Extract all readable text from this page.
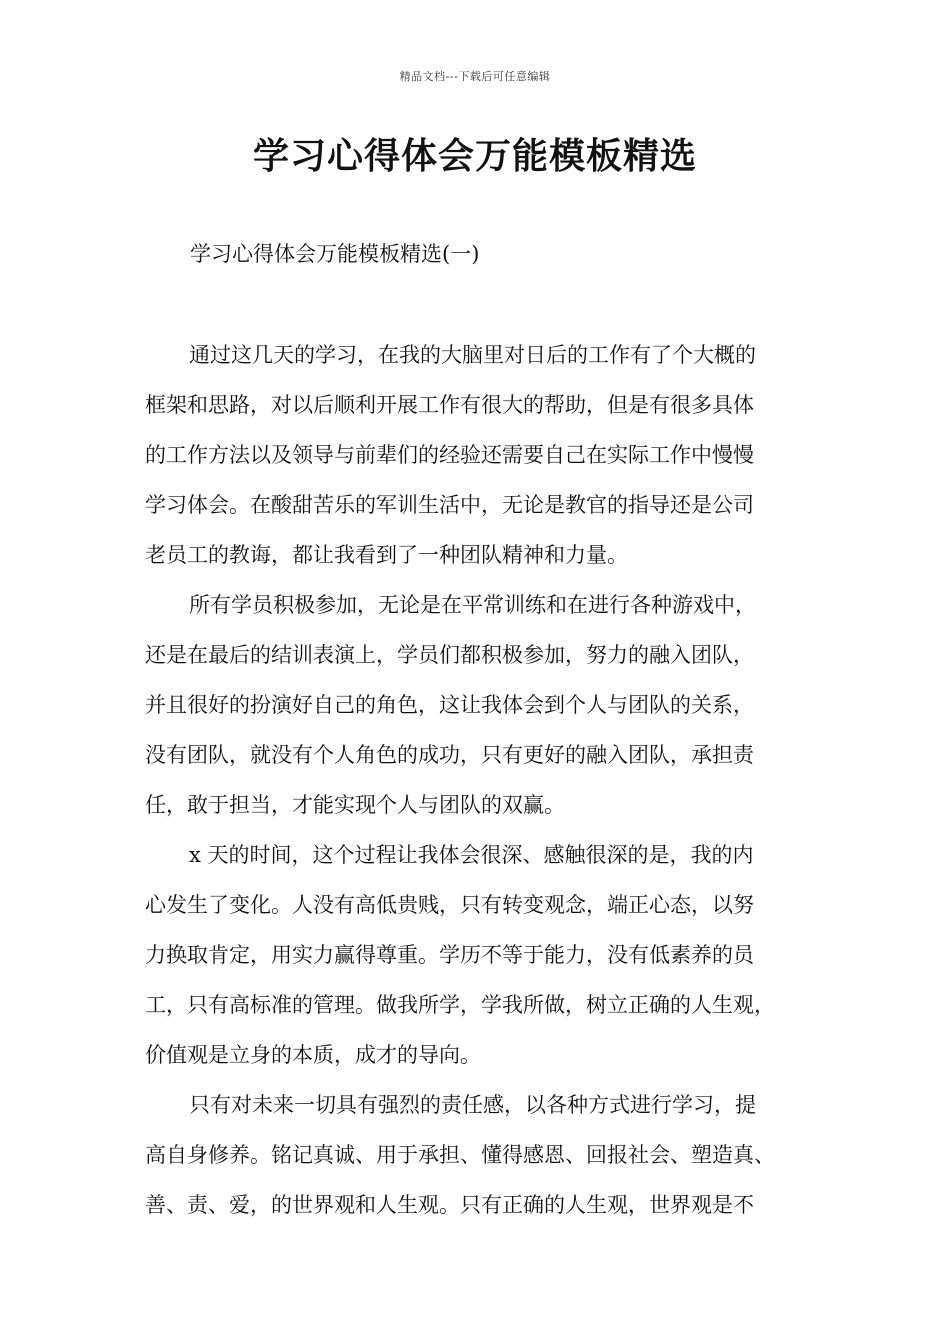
精品文档---下载后可任意编辑
学习心得体会万能模板精选
学习心得体会万能模板精选(一)

通过这几天的学习，在我的大脑里对日后的工作有了个大概的
框架和思路，对以后顺利开展工作有很大的帮助，但是有很多具体
的工作方法以及领导与前辈们的经验还需要自己在实际工作中慢慢
学习体会。在酸甜苦乐的军训生活中，无论是教官的指导还是公司
老员工的教诲，都让我看到了一种团队精神和力量。

所有学员积极参加，无论是在平常训练和在进行各种游戏中，
还是在最后的结训表演上，学员们都积极参加，努力的融入团队，
并且很好的扮演好自己的角色，这让我体会到个人与团队的关系，
没有团队，就没有个人角色的成功，只有更好的融入团队，承担责
任，敢于担当，才能实现个人与团队的双赢。

x 天的时间，这个过程让我体会很深、感触很深的是，我的内
心发生了变化。人没有高低贵贱，只有转变观念，端正心态，以努
力换取肯定，用实力赢得尊重。学历不等于能力，没有低素养的员
工，只有高标准的管理。做我所学，学我所做，树立正确的人生观，
价值观是立身的本质，成才的导向。

只有对未来一切具有强烈的责任感，以各种方式进行学习，提
高自身修养。铭记真诚、用于承担、懂得感恩、回报社会、塑造真、
善、责、爱，的世界观和人生观。只有正确的人生观，世界观是不
